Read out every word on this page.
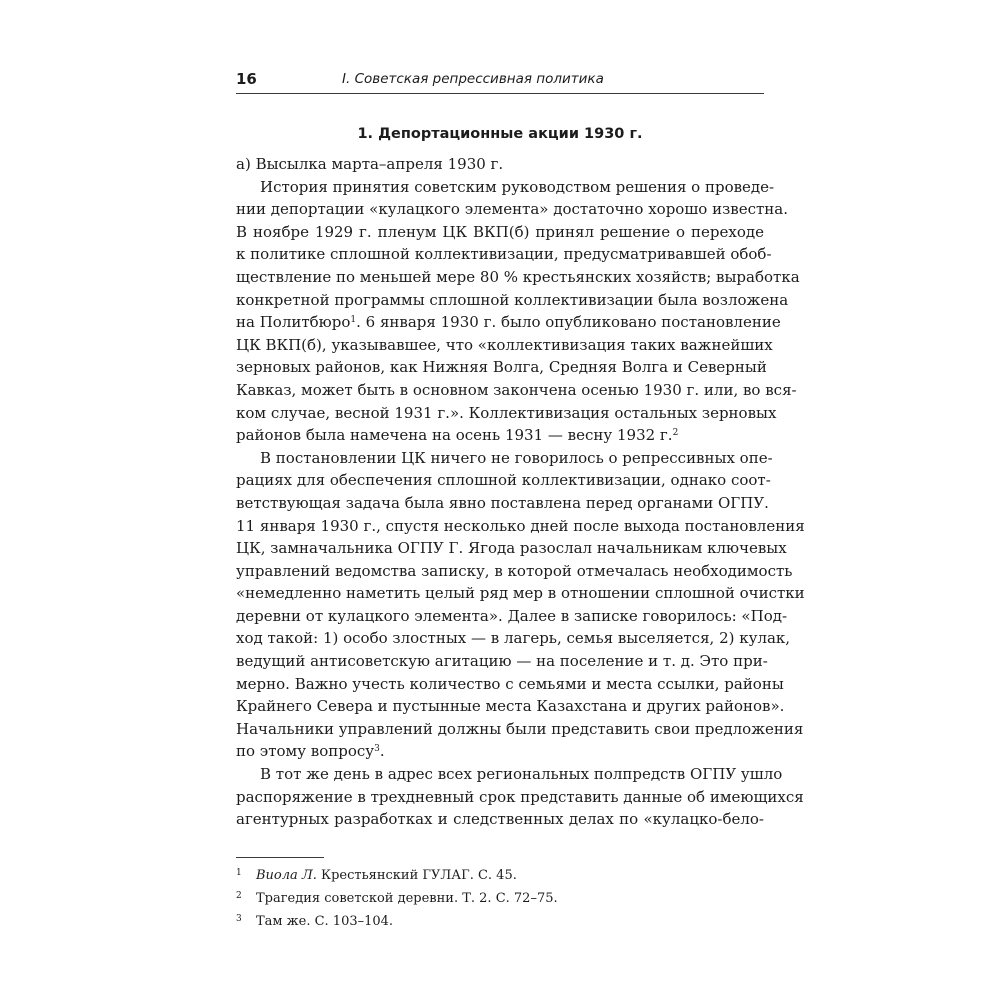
16	I. Советская репрессивная политика
1. Депортационные акции 1930 г.
а) Высылка марта–апреля 1930 г.
История принятия советским руководством решения о проведе-
нии депортации «кулацкого элемента» достаточно хорошо известна.
В ноябре 1929 г. пленум ЦК ВКП(б) принял решение о переходе
к политике сплошной коллективизации, предусматривавшей обоб-
ществление по меньшей мере 80 % крестьянских хозяйств; выработка
конкретной программы сплошной коллективизации была возложена
на Политбюро$^1$. 6 января 1930 г. было опубликовано постановление
ЦК ВКП(б), указывавшее, что «коллективизация таких важнейших
зерновых районов, как Нижняя Волга, Средняя Волга и Северный
Кавказ, может быть в основном закончена осенью 1930 г. или, во вся-
ком случае, весной 1931 г.». Коллективизация остальных зерновых
районов была намечена на осень 1931 — весну 1932 г.$^2$
В постановлении ЦК ничего не говорилось о репрессивных опе-
рациях для обеспечения сплошной коллективизации, однако соот-
ветствующая задача была явно поставлена перед органами ОГПУ.
11 января 1930 г., спустя несколько дней после выхода постановления
ЦК, замначальника ОГПУ Г. Ягода разослал начальникам ключевых
управлений ведомства записку, в которой отмечалась необходимость
«немедленно наметить целый ряд мер в отношении сплошной очистки
деревни от кулацкого элемента». Далее в записке говорилось: «Под-
ход такой: 1) особо злостных — в лагерь, семья выселяется, 2) кулак,
ведущий антисоветскую агитацию — на поселение и т. д. Это при-
мерно. Важно учесть количество с семьями и места ссылки, районы
Крайнего Севера и пустынные места Казахстана и других районов».
Начальники управлений должны были представить свои предложения
по этому вопросу$^3$.
В тот же день в адрес всех региональных полпредств ОГПУ ушло
распоряжение в трехдневный срок представить данные об имеющихся
агентурных разработках и следственных делах по «кулацко-бело-
1 Виола Л. Крестьянский ГУЛАГ. С. 45.
2 Трагедия советской деревни. Т. 2. С. 72–75.
3 Там же. С. 103–104.
